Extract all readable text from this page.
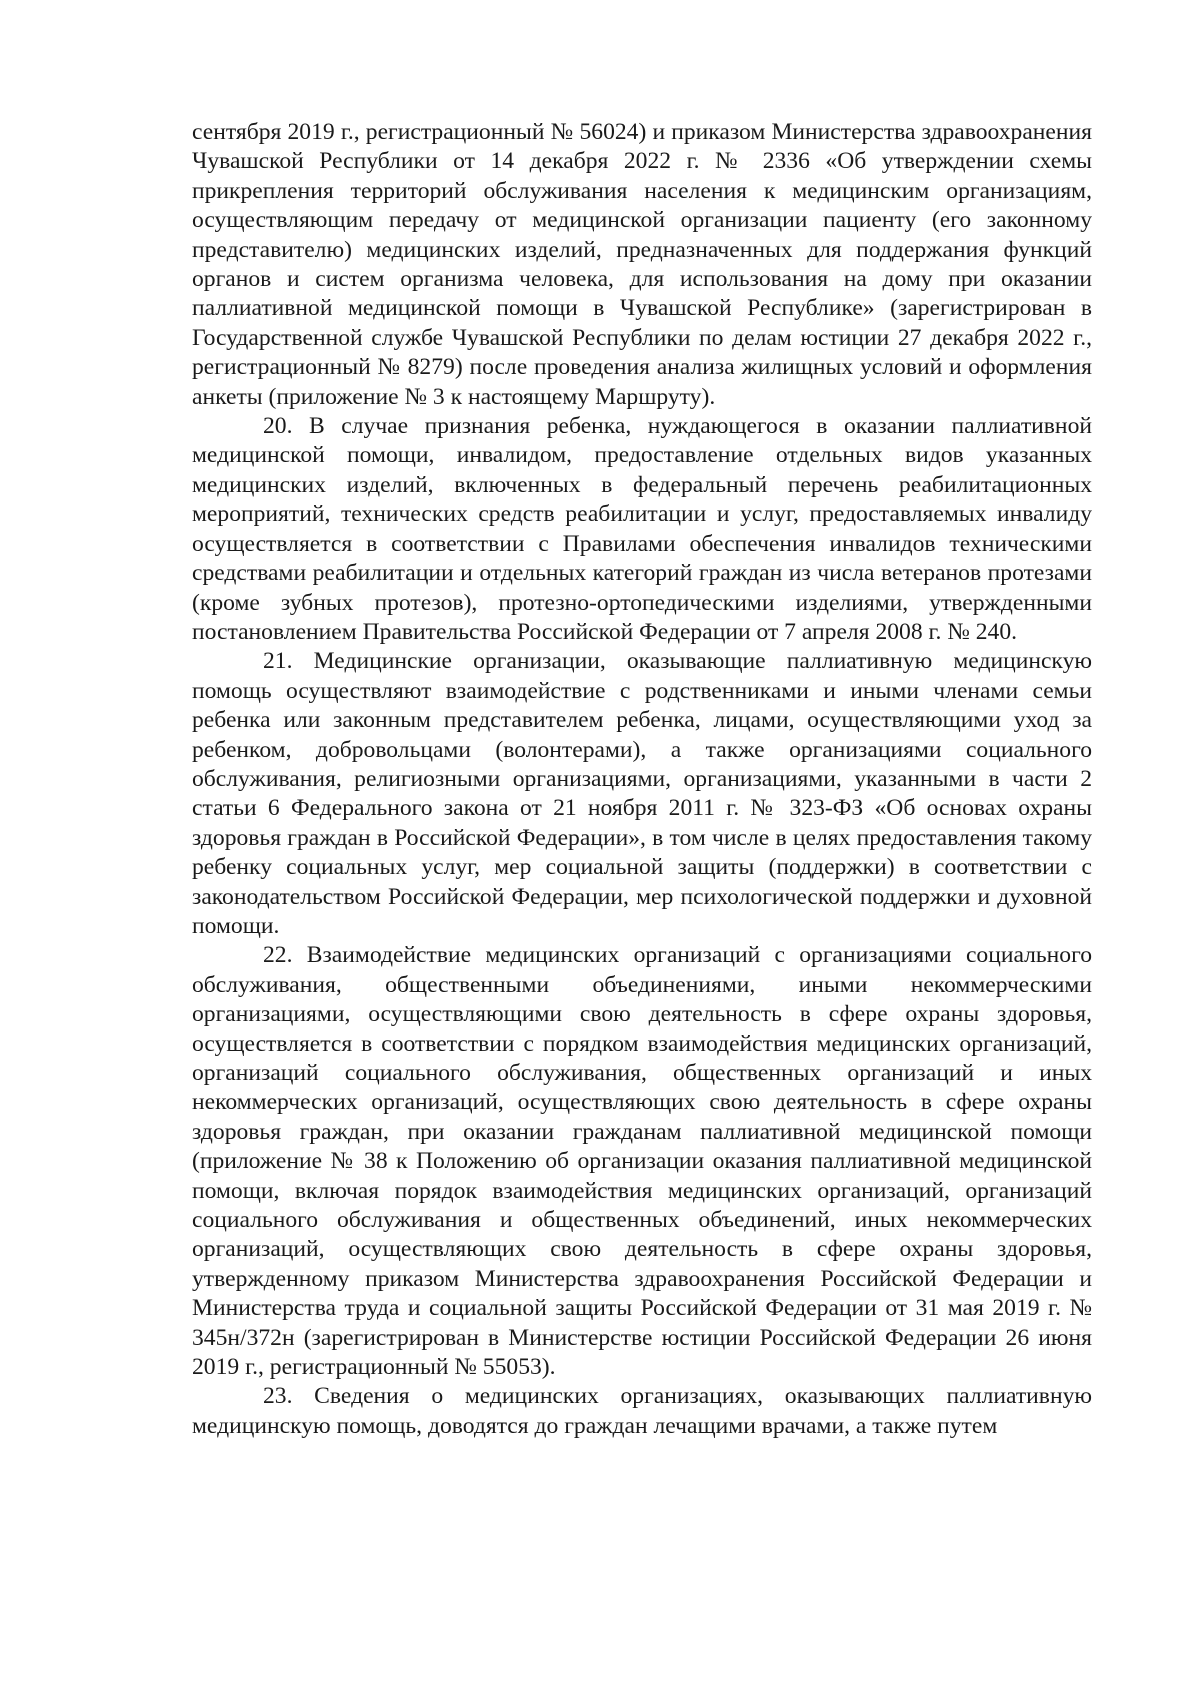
сентября 2019 г., регистрационный № 56024) и приказом Министерства здравоохранения Чувашской Республики от 14 декабря 2022 г. № 2336 «Об утверждении схемы прикрепления территорий обслуживания населения к медицинским организациям, осуществляющим передачу от медицинской организации пациенту (его законному представителю) медицинских изделий, предназначенных для поддержания функций органов и систем организма человека, для использования на дому при оказании паллиативной медицинской помощи в Чувашской Республике» (зарегистрирован в Государственной службе Чувашской Республики по делам юстиции 27 декабря 2022 г., регистрационный № 8279) после проведения анализа жилищных условий и оформления анкеты (приложение № 3 к настоящему Маршруту).

20. В случае признания ребенка, нуждающегося в оказании паллиативной медицинской помощи, инвалидом, предоставление отдельных видов указанных медицинских изделий, включенных в федеральный перечень реабилитационных мероприятий, технических средств реабилитации и услуг, предоставляемых инвалиду осуществляется в соответствии с Правилами обеспечения инвалидов техническими средствами реабилитации и отдельных категорий граждан из числа ветеранов протезами (кроме зубных протезов), протезно-ортопедическими изделиями, утвержденными постановлением Правительства Российской Федерации от 7 апреля 2008 г. № 240.

21. Медицинские организации, оказывающие паллиативную медицинскую помощь осуществляют взаимодействие с родственниками и иными членами семьи ребенка или законным представителем ребенка, лицами, осуществляющими уход за ребенком, добровольцами (волонтерами), а также организациями социального обслуживания, религиозными организациями, организациями, указанными в части 2 статьи 6 Федерального закона от 21 ноября 2011 г. № 323-ФЗ «Об основах охраны здоровья граждан в Российской Федерации», в том числе в целях предоставления такому ребенку социальных услуг, мер социальной защиты (поддержки) в соответствии с законодательством Российской Федерации, мер психологической поддержки и духовной помощи.

22. Взаимодействие медицинских организаций с организациями социального обслуживания, общественными объединениями, иными некоммерческими организациями, осуществляющими свою деятельность в сфере охраны здоровья, осуществляется в соответствии с порядком взаимодействия медицинских организаций, организаций социального обслуживания, общественных организаций и иных некоммерческих организаций, осуществляющих свою деятельность в сфере охраны здоровья граждан, при оказании гражданам паллиативной медицинской помощи (приложение № 38 к Положению об организации оказания паллиативной медицинской помощи, включая порядок взаимодействия медицинских организаций, организаций социального обслуживания и общественных объединений, иных некоммерческих организаций, осуществляющих свою деятельность в сфере охраны здоровья, утвержденному приказом Министерства здравоохранения Российской Федерации и Министерства труда и социальной защиты Российской Федерации от 31 мая 2019 г. № 345н/372н (зарегистрирован в Министерстве юстиции Российской Федерации 26 июня 2019 г., регистрационный № 55053).

23. Сведения о медицинских организациях, оказывающих паллиативную медицинскую помощь, доводятся до граждан лечащими врачами, а также путем
